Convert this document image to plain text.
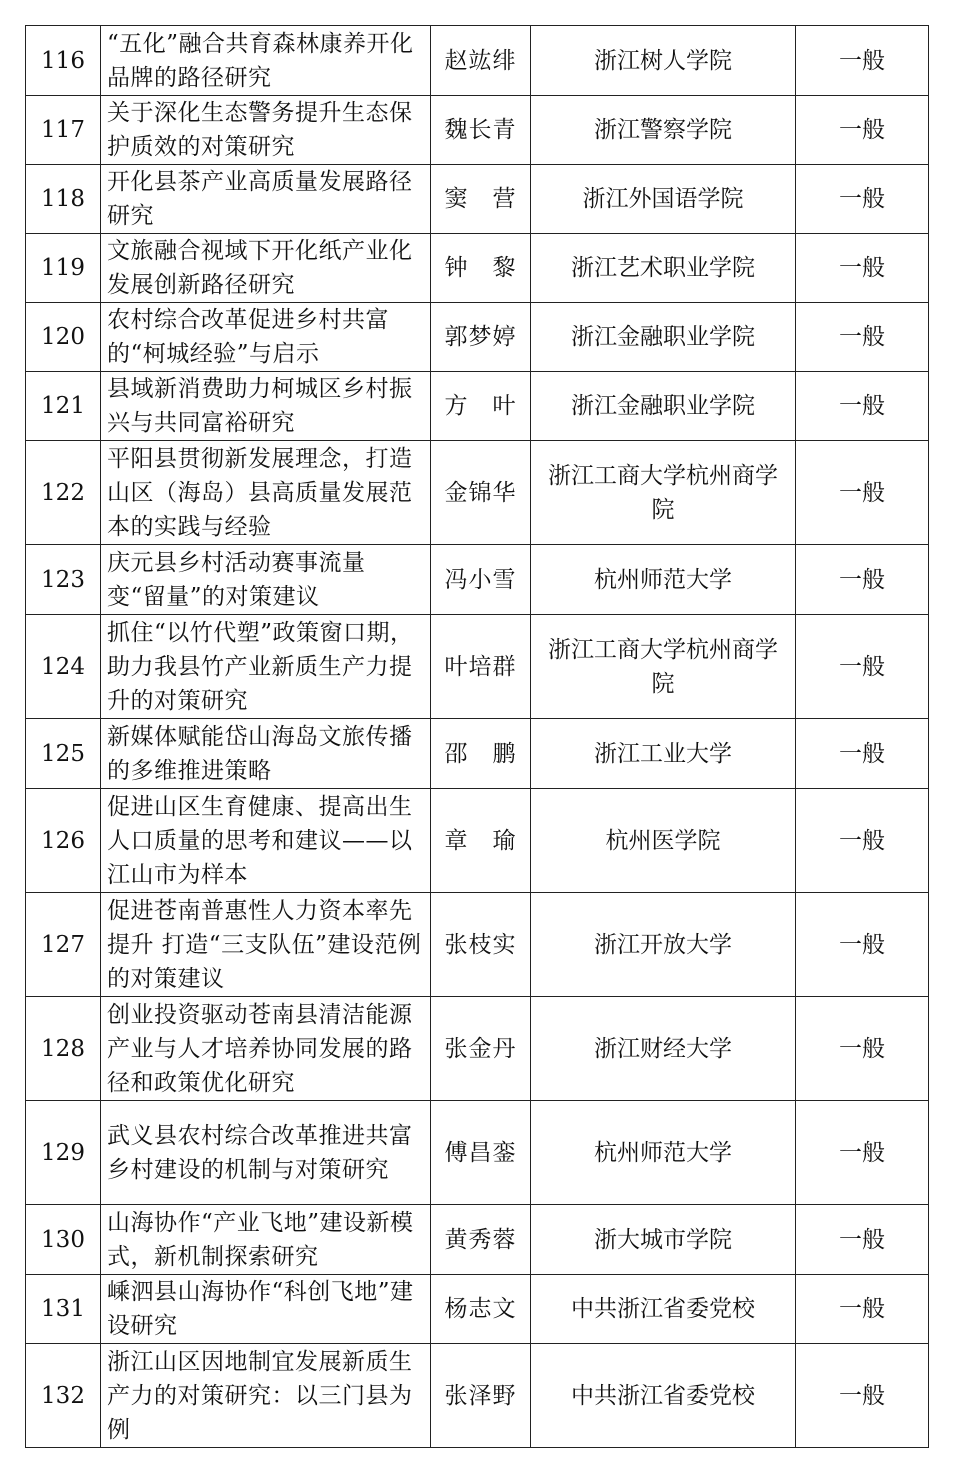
116	“五化”融合共育森林康养开化品牌的路径研究	赵竑绯	浙江树人学院	一般
117	关于深化生态警务提升生态保护质效的对策研究	魏长青	浙江警察学院	一般
118	开化县茶产业高质量发展路径研究	窦　营	浙江外国语学院	一般
119	文旅融合视域下开化纸产业化发展创新路径研究	钟　黎	浙江艺术职业学院	一般
120	农村综合改革促进乡村共富的“柯城经验”与启示	郭梦婷	浙江金融职业学院	一般
121	县域新消费助力柯城区乡村振兴与共同富裕研究	方　叶	浙江金融职业学院	一般
122	平阳县贯彻新发展理念，打造山区（海岛）县高质量发展范本的实践与经验	金锦华	浙江工商大学杭州商学院	一般
123	庆元县乡村活动赛事流量变“留量”的对策建议	冯小雪	杭州师范大学	一般
124	抓住“以竹代塑”政策窗口期，助力我县竹产业新质生产力提升的对策研究	叶培群	浙江工商大学杭州商学院	一般
125	新媒体赋能岱山海岛文旅传播的多维推进策略	邵　鹏	浙江工业大学	一般
126	促进山区生育健康、提高出生人口质量的思考和建议——以江山市为样本	章　瑜	杭州医学院	一般
127	促进苍南普惠性人力资本率先提升 打造“三支队伍”建设范例的对策建议	张枝实	浙江开放大学	一般
128	创业投资驱动苍南县清洁能源产业与人才培养协同发展的路径和政策优化研究	张金丹	浙江财经大学	一般
129	武义县农村综合改革推进共富乡村建设的机制与对策研究	傅昌銮	杭州师范大学	一般
130	山海协作“产业飞地”建设新模式，新机制探索研究	黄秀蓉	浙大城市学院	一般
131	嵊泗县山海协作“科创飞地”建设研究	杨志文	中共浙江省委党校	一般
132	浙江山区因地制宜发展新质生产力的对策研究：以三门县为例	张泽野	中共浙江省委党校	一般
